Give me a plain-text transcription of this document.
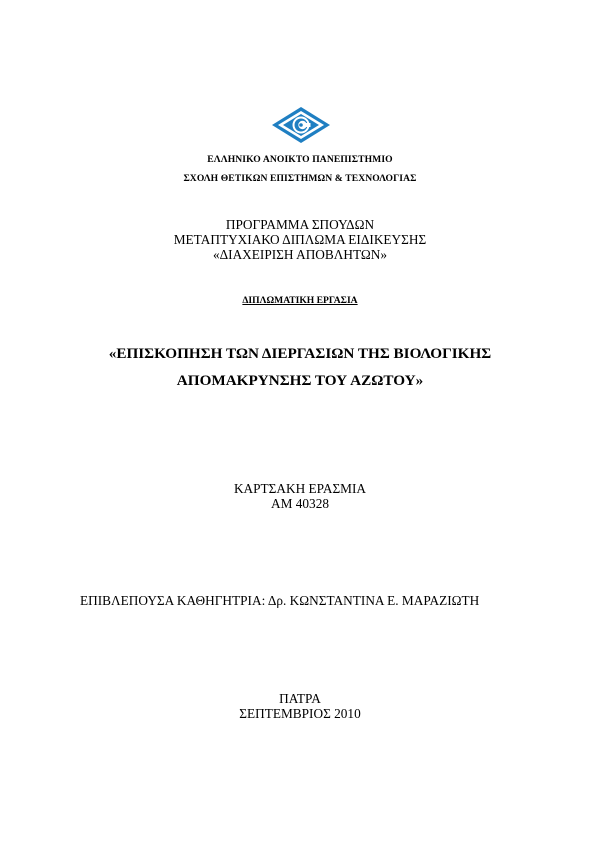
ΕΛΛΗΝΙΚΟ ΑΝΟΙΚΤΟ ΠΑΝΕΠΙΣΤΗΜΙΟ
ΣΧΟΛΗ ΘΕΤΙΚΩΝ ΕΠΙΣΤΗΜΩΝ & ΤΕΧΝΟΛΟΓΙΑΣ
ΠΡΟΓΡΑΜΜΑ ΣΠΟΥΔΩΝ
ΜΕΤΑΠΤΥΧΙΑΚΟ ΔΙΠΛΩΜΑ ΕΙΔΙΚΕΥΣΗΣ
«ΔΙΑΧΕΙΡΙΣΗ ΑΠΟΒΛΗΤΩΝ»
ΔΙΠΛΩΜΑΤΙΚΗ ΕΡΓΑΣΙΑ
«ΕΠΙΣΚΟΠΗΣΗ ΤΩΝ ΔΙΕΡΓΑΣΙΩΝ ΤΗΣ ΒΙΟΛΟΓΙΚΗΣ
ΑΠΟΜΑΚΡΥΝΣΗΣ ΤΟΥ ΑΖΩΤΟΥ»
ΚΑΡΤΣΑΚΗ ΕΡΑΣΜΙΑ
ΑΜ 40328
ΕΠΙΒΛΕΠΟΥΣΑ ΚΑΘΗΓΗΤΡΙΑ: Δρ. ΚΩΝΣΤΑΝΤΙΝΑ Ε. ΜΑΡΑΖΙΩΤΗ
ΠΑΤΡΑ
ΣΕΠΤΕΜΒΡΙΟΣ 2010
